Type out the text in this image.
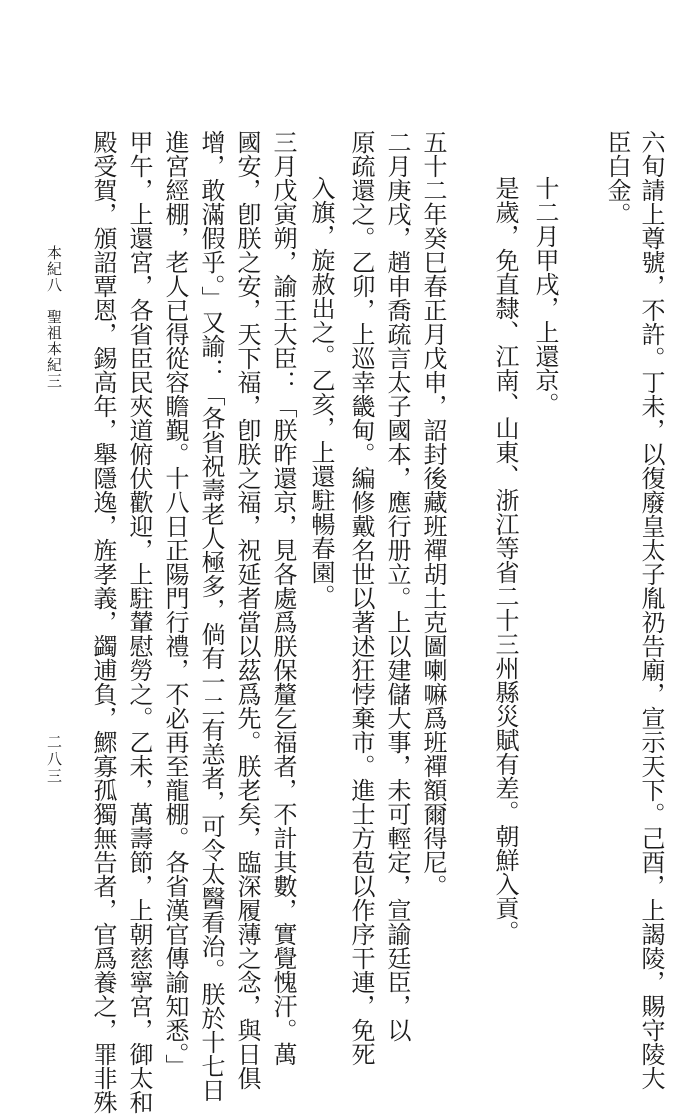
六旬請上尊號，不許。丁未，以復廢皇太子胤礽告廟，宣示天下。己酉，上謁陵，賜守陵大
臣白金。
十二月甲戌，上還京。
是歲，免直隸、江南、山東、浙江等省二十三州縣災賦有差。朝鮮入貢。
五十二年癸巳春正月戊申，詔封後藏班禪胡土克圖喇嘛爲班禪額爾得尼。
二月庚戌，趙申喬疏言太子國本，應行册立。上以建儲大事，未可輕定，宣諭廷臣，以
原疏還之。乙卯，上巡幸畿甸。編修戴名世以著述狂悖棄市。進士方苞以作序干連，免死
入旗，旋赦出之。乙亥，上還駐暢春園。
三月戊寅朔，諭王大臣：「朕昨還京，見各處爲朕保釐乞福者，不計其數，實覺愧汗。萬
國安，卽朕之安，天下福，卽朕之福，祝延者當以茲爲先。朕老矣，臨深履薄之念，與日俱
增，敢滿假乎。」又諭：「各省祝壽老人極多，倘有一二有恙者，可令太醫看治。朕於十七日
進宮經棚，老人已得從容瞻覲。十八日正陽門行禮，不必再至龍棚。各省漢官傳諭知悉。」
甲午，上還宮，各省臣民夾道俯伏歡迎，上駐輦慰勞之。乙未，萬壽節，上朝慈寧宮，御太和
殿受賀，頒詔覃恩，錫高年，舉隱逸，旌孝義，蠲逋負，鰥寡孤獨無告者，官爲養之，罪非殊
本紀八　聖祖本紀三
二八三
